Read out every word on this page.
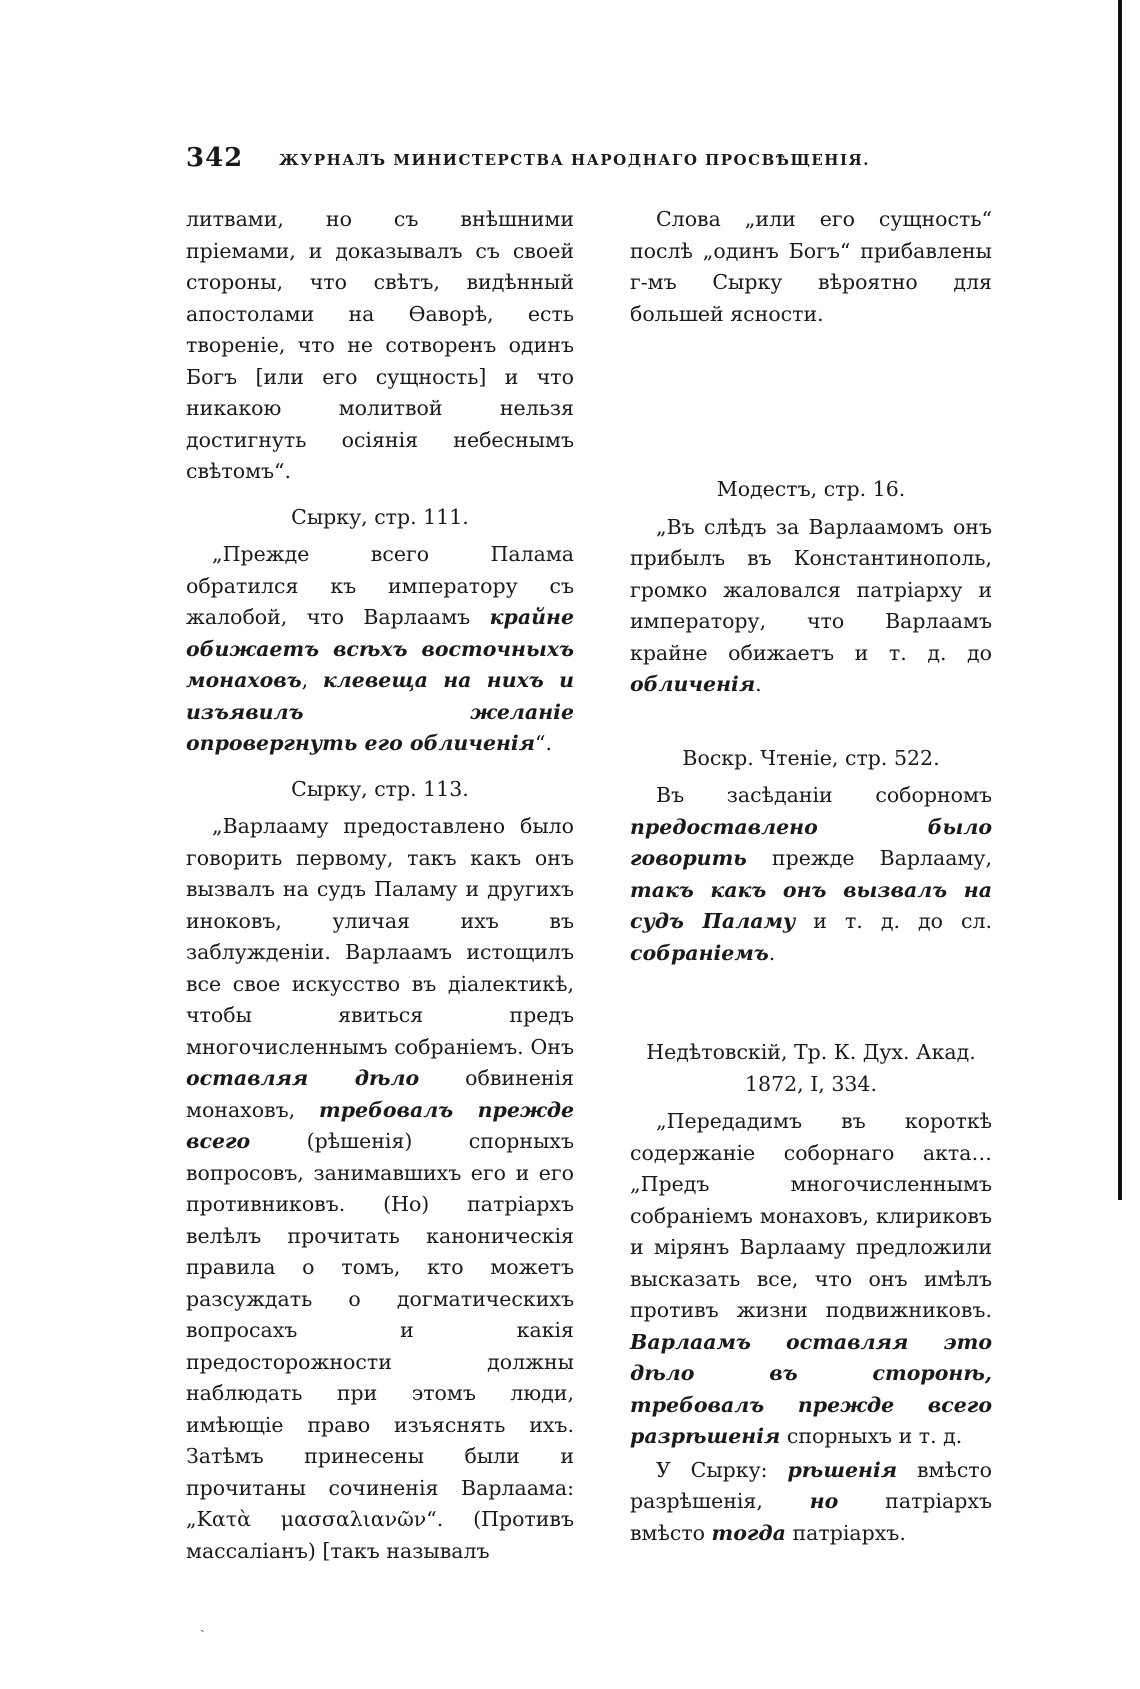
342 ЖУРНАЛЪ МИНИСТЕРСТВА НАРОДНАГО ПРОСВѢЩЕНІЯ.

литвами, но съ внѣшними пріемами, и доказывалъ съ своей стороны, что свѣтъ, видѣнный апостолами на Ѳаворѣ, есть твореніе, что не сотворенъ одинъ Богъ [или его сущность] и что никакою молитвой нельзя достигнуть осіянія небеснымъ свѣтомъ“.

Сырку, стр. 111.

„Прежде всего Палама обратился къ императору съ жалобой, что Варлаамъ крайне обижаетъ всѣхъ восточныхъ монаховъ, клевеща на нихъ и изъявилъ желаніе опровергнуть его обличенія“.

Сырку, стр. 113.

„Варлааму предоставлено было говорить первому, такъ какъ онъ вызвалъ на судъ Паламу и другихъ иноковъ, уличая ихъ въ заблужденіи. Варлаамъ истощилъ все свое искусство въ діалектикѣ, чтобы явиться предъ многочисленнымъ собраніемъ. Онъ оставляя дѣло обвиненія монаховъ, требовалъ прежде всего (рѣшенія) спорныхъ вопросовъ, занимавшихъ его и его противниковъ. (Но) патріархъ велѣлъ прочитать каноническія правила о томъ, кто можетъ разсуждать о догматическихъ вопросахъ и какія предосторожности должны наблюдать при этомъ люди, имѣющіе право изъяснять ихъ. Затѣмъ принесены были и прочитаны сочиненія Варлаама: „Κατὰ μασσαλιανῶν“. (Противъ массаліанъ) [такъ называлъ

Слова „или его сущность“ послѣ „одинъ Богъ“ прибавлены г-мъ Сырку вѣроятно для большей ясности.

Модестъ, стр. 16.

„Въ слѣдъ за Варлаамомъ онъ прибылъ въ Константинополь, громко жаловался патріарху и императору, что Варлаамъ крайне обижаетъ и т. д. до обличенія.

Воскр. Чтеніе, стр. 522.

Въ засѣданіи соборномъ предоставлено было говорить прежде Варлааму, такъ какъ онъ вызвалъ на судъ Паламу и т. д. до сл. собраніемъ.

Недѣтовскій, Тр. К. Дух. Акад.
1872, I, 334.

„Передадимъ въ короткѣ содержаніе соборнаго акта… „Предъ многочисленнымъ собраніемъ монаховъ, клириковъ и мірянъ Варлааму предложили высказать все, что онъ имѣлъ противъ жизни подвижниковъ. Варлаамъ оставляя это дѣло въ сторонѣ, требовалъ прежде всего разрѣшенія спорныхъ и т. д.

У Сырку: рѣшенія вмѣсто разрѣшенія, но патріархъ вмѣсто тогда патріархъ.

ˏ
